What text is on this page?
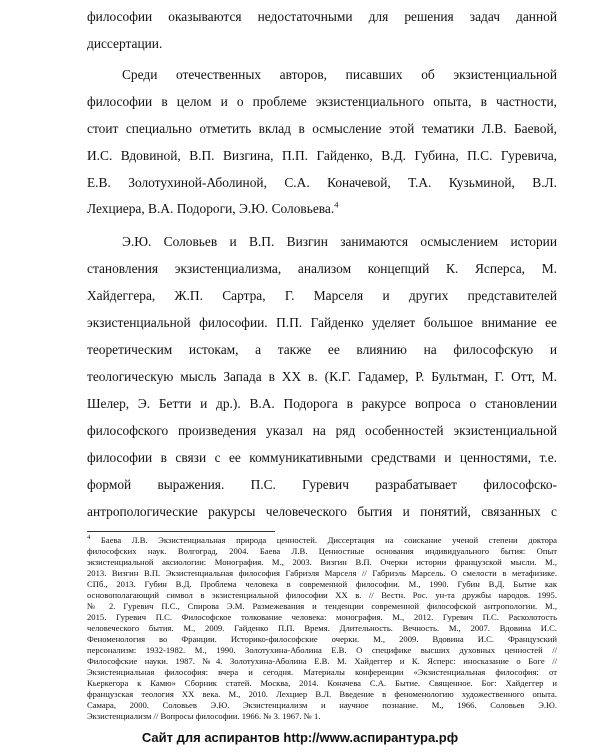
философии оказываются недостаточными для решения задач данной
диссертации.
Среди отечественных авторов, писавших об экзистенциальной
философии в целом и о проблеме экзистенциального опыта, в частности,
стоит специально отметить вклад в осмысление этой тематики Л.В. Баевой,
И.С. Вдовиной, В.П. Визгина, П.П. Гайденко, В.Д. Губина, П.С. Гуревича,
Е.В. Золотухиной-Аболиной, С.А. Коначевой, Т.А. Кузьминой, В.Л.
Лехциера, В.А. Подороги, Э.Ю. Соловьева.$^4$
Э.Ю. Соловьев и В.П. Визгин занимаются осмыслением истории
становления экзистенциализма, анализом концепций К. Ясперса, М.
Хайдеггера, Ж.П. Сартра, Г. Марселя и других представителей
экзистенциальной философии. П.П. Гайденко уделяет большое внимание ее
теоретическим истокам, а также ее влиянию на философскую и
теологическую мысль Запада в XX в. (К.Г. Гадамер, Р. Бультман, Г. Отт, М.
Шелер, Э. Бетти и др.). В.А. Подорога в ракурсе вопроса о становлении
философского произведения указал на ряд особенностей экзистенциальной
философии в связи с ее коммуникативными средствами и ценностями, т.е.
формой выражения. П.С. Гуревич разрабатывает философско-
антропологические ракурсы человеческого бытия и понятий, связанных с
$^4$ Баева Л.В. Экзистенциальная природа ценностей. Диссертация на соискание ученой степени доктора
философских наук. Волгоград, 2004. Баева Л.В. Ценностные основания индивидуального бытия: Опыт
экзистенциальной аксиологии: Монография. М., 2003. Визгин В.П. Очерки истории французской мысли. М.,
2013. Визгин В.П. Экзистенциальная философия Габриэля Марселя // Габриэль Марсель. О смелости в метафизике.
СПб., 2013. Губин В.Д. Проблема человека в современной философии. М., 1990. Губин В.Д. Бытие как
основополагающий символ в экзистенциальной философии XX в. // Вестн. Рос. ун-та дружбы народов. 1995.
№ 2. Гуревич П.С., Спирова Э.М. Размежевания и тенденции современной философской антропологии. М.,
2015. Гуревич П.С. Философское толкование человека: монография. М., 2012. Гуревич П.С. Расколотость
человеческого бытия. М., 2009. Гайденко П.П. Время. Длительность. Вечность. М., 2007. Вдовина И.С.
Феноменология во Франции. Историко-философские очерки. М., 2009. Вдовина И.С. Французский
персонализм: 1932-1982. М., 1990. Золотухина-Аболина Е.В. О специфике высших духовных ценностей //
Философские науки. 1987. №4. Золотухина-Аболина Е.В. М. Хайдеггер и К. Ясперс: иносказание о Боге //
Экзистенциальная философия: вчера и сегодня. Материалы конференции «Экзистенциальная философия: от
Кьеркегора к Камю» Сборник статей. Москва, 2014. Коначева С.А. Бытие. Священное. Бог: Хайдеггер и
французская теология XX века. М., 2010. Лехциер В.Л. Введение в феноменологию художественного опыта.
Самара, 2000. Соловьев Э.Ю. Экзистенциализм и научное познание. М., 1966. Соловьев Э.Ю.
Экзистенциализм // Вопросы философии. 1966. № 3. 1967. № 1.
Сайт для аспирантов http://www.аспирантура.рф
